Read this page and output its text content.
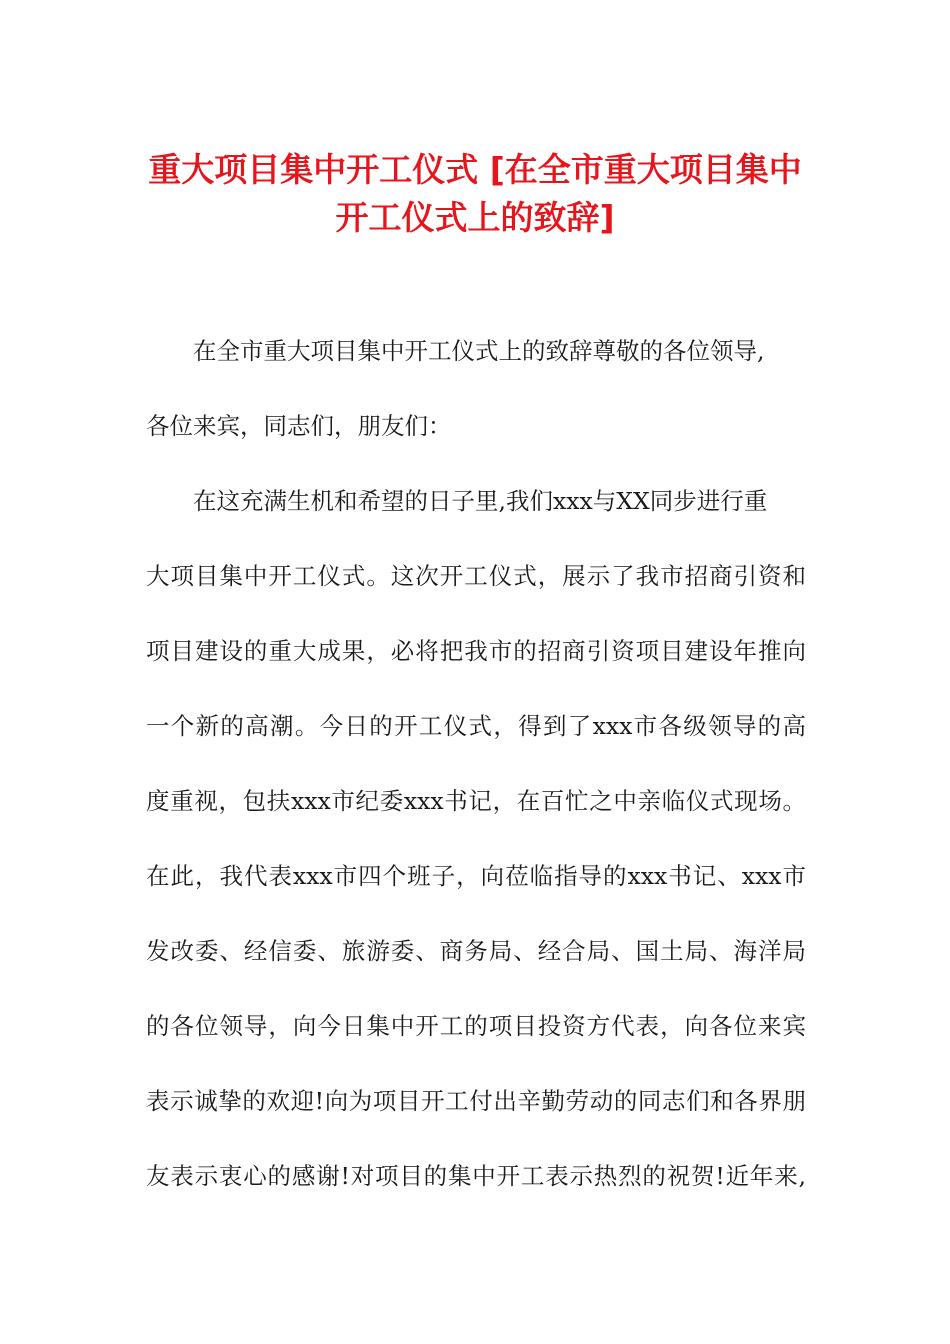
重大项目集中开工仪式 [在全市重大项目集中
开工仪式上的致辞]
在全市重大项目集中开工仪式上的致辞尊敬的各位领导,
各位来宾，同志们，朋友们：
在这充满生机和希望的日子里,我们xxx与XX同步进行重
大项目集中开工仪式。这次开工仪式，展示了我市招商引资和
项目建设的重大成果，必将把我市的招商引资项目建设年推向
一个新的高潮。今日的开工仪式，得到了xxx市各级领导的高
度重视，包扶xxx市纪委xxx书记，在百忙之中亲临仪式现场。
在此，我代表xxx市四个班子，向莅临指导的xxx书记、xxx市
发改委、经信委、旅游委、商务局、经合局、国土局、海洋局
的各位领导，向今日集中开工的项目投资方代表，向各位来宾
表示诚挚的欢迎!向为项目开工付出辛勤劳动的同志们和各界朋
友表示衷心的感谢!对项目的集中开工表示热烈的祝贺!近年来,
